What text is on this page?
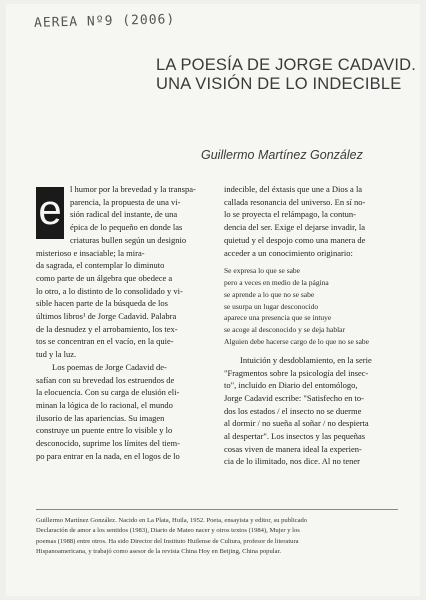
AEREA Nº9 (2006)
LA POESÍA DE JORGE CADAVID.
UNA VISIÓN DE LO INDECIBLE
Guillermo Martínez González
e l humor por la brevedad y la transpa-
parencia, la propuesta de una vi-
sión radical del instante, de una
épica de lo pequeño en donde las
criaturas bullen según un designio
misterioso e insaciable; la mira-
da sagrada, el contemplar lo diminuto
como parte de un álgebra que obedece a
lo otro, a lo distinto de lo consolidado y vi-
sible hacen parte de la búsqueda de los
últimos libros¹ de Jorge Cadavid. Palabra
de la desnudez y el arrobamiento, los tex-
tos se concentran en el vacío, en la quie-
tud y la luz.
Los poemas de Jorge Cadavid de-
safían con su brevedad los estruendos de
la elocuencia. Con su carga de elusión eli-
minan la lógica de lo racional, el mundo
ilusorio de las apariencias. Su imagen
construye un puente entre lo visible y lo
desconocido, suprime los límites del tiem-
po para entrar en la nada, en el logos de lo
indecible, del éxtasis que une a Dios a la
callada resonancia del universo. En sí no-
lo se proyecta el relámpago, la contun-
dencia del ser. Exige el dejarse invadir, la
quietud y el despojo como una manera de
acceder a un conocimiento originario:
Se expresa lo que se sabe
pero a veces en medio de la página
se aprende a lo que no se sabe
se usurpa un lugar desconocido
aparece una presencia que se intuye
se acoge al desconocido y se deja hablar
Alguien debe hacerse cargo de lo que no se sabe
Intuición y desdoblamiento, en la serie
"Fragmentos sobre la psicología del insec-
to", incluido en Diario del entomólogo,
Jorge Cadavid escribe: "Satisfecho en to-
dos los estados / el insecto no se duerme
al dormir / no sueña al soñar / no despierta
al despertar". Los insectos y las pequeñas
cosas viven de manera ideal la experien-
cia de lo ilimitado, nos dice. Al no tener
Guillermo Martínez González. Nacido en La Plata, Huila, 1952. Poeta, ensayista y editor, su publicado
Declaración de amor a los sentidos (1983), Diario de Mateo nacer y otros textos (1984), Mujer y los
poemas (1988) entre otros. Ha sido Director del Instituto Huilense de Cultura, profesor de literatura
Hispanoamericana, y trabajó como asesor de la revista China Hoy en Beijing, China popular.
